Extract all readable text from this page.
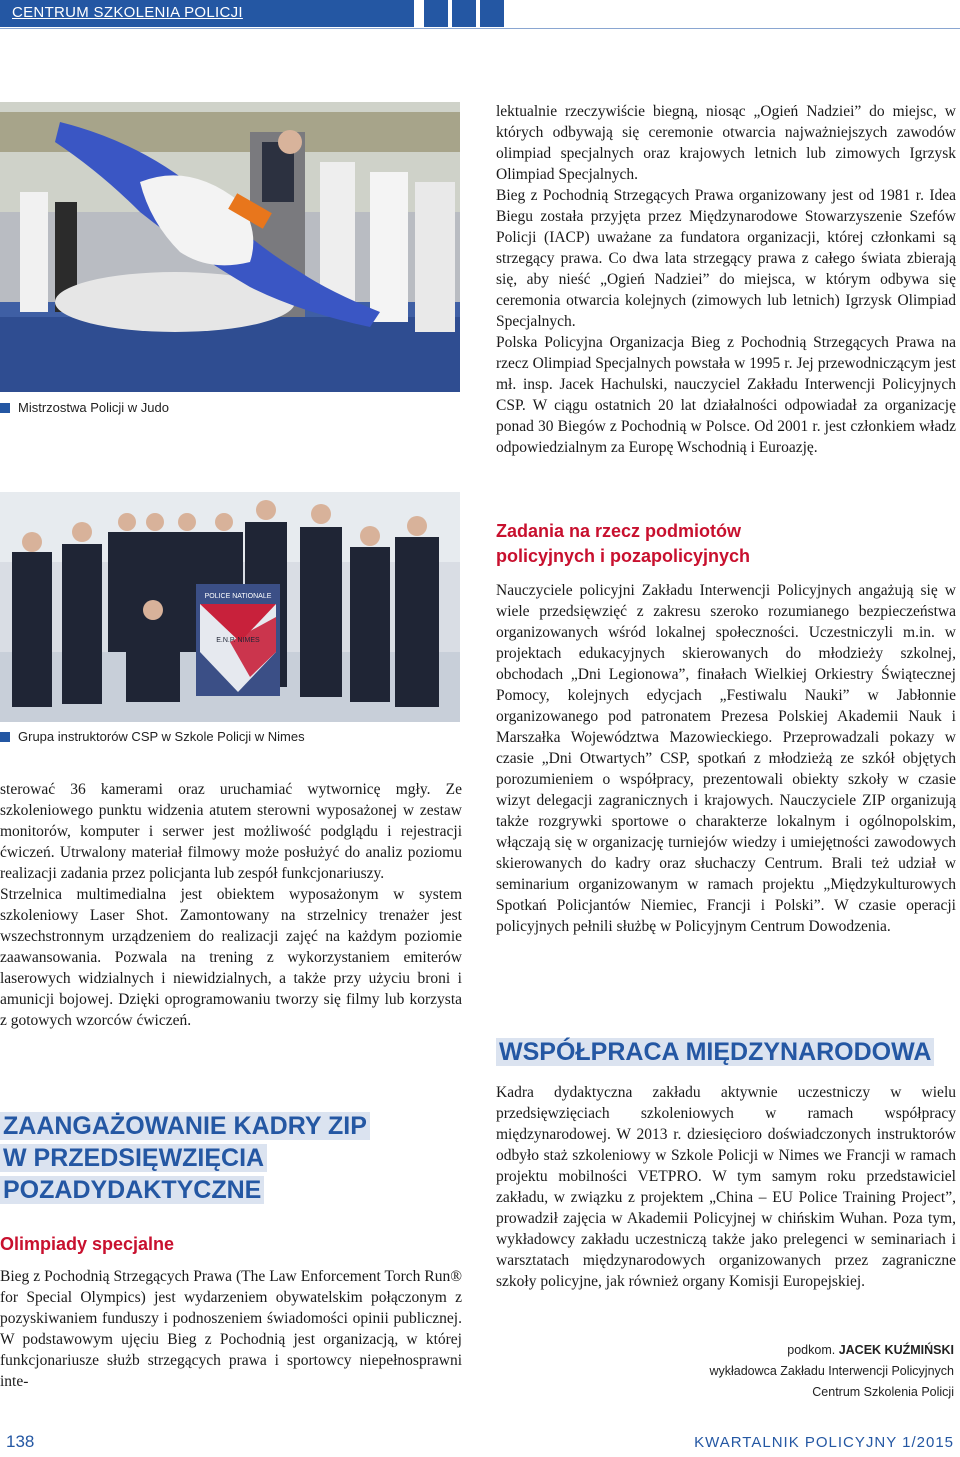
CENTRUM SZKOLENIA POLICJI
Mistrzostwa Policji w Judo
POLICE NATIONALE
E.N.P. NIMES
Grupa instruktorów CSP w Szkole Policji w Nimes

sterować 36 kamerami oraz uruchamiać wytwornicę mgły. Ze szkoleniowego punktu widzenia atutem sterowni wyposażonej w zestaw monitorów, komputer i serwer jest możliwość podglądu i rejestracji ćwiczeń. Utrwalony materiał filmowy może posłużyć do analiz poziomu realizacji zadania przez policjanta lub zespół funkcjonariuszy.

Strzelnica multimedialna jest obiektem wyposażonym w system szkoleniowy Laser Shot. Zamontowany na strzelnicy trenażer jest wszechstronnym urządzeniem do realizacji zajęć na każdym poziomie zaawansowania. Pozwala na trening z wykorzystaniem emiterów laserowych widzialnych i niewidzialnych, a także przy użyciu broni i amunicji bojowej. Dzięki oprogramowaniu tworzy się filmy lub korzysta z gotowych wzorców ćwiczeń.

ZAANGAŻOWANIE KADRY ZIP
W PRZEDSIĘWZIĘCIA
POZADYDAKTYCZNE
Olimpiady specjalne

Bieg z Pochodnią Strzegących Prawa (The Law Enforcement Torch Run® for Special Olympics) jest wydarzeniem obywatelskim połączonym z pozyskiwaniem funduszy i podnoszeniem świadomości opinii publicznej. W podstawowym ujęciu Bieg z Pochodnią jest organizacją, w której funkcjonariusze służb strzegących prawa i sportowcy niepełnosprawni inte-

lektualnie rzeczywiście biegną, niosąc „Ogień Nadziei” do miejsc, w których odbywają się ceremonie otwarcia najważniejszych zawodów olimpiad specjalnych oraz krajowych letnich lub zimowych Igrzysk Olimpiad Specjalnych.

Bieg z Pochodnią Strzegących Prawa organizowany jest od 1981 r. Idea Biegu została przyjęta przez Międzynarodowe Stowarzyszenie Szefów Policji (IACP) uważane za fundatora organizacji, której członkami są strzegący prawa. Co dwa lata strzegący prawa z całego świata zbierają się, aby nieść „Ogień Nadziei” do miejsca, w którym odbywa się ceremonia otwarcia kolejnych (zimowych lub letnich) Igrzysk Olimpiad Specjalnych.

Polska Policyjna Organizacja Bieg z Pochodnią Strzegących Prawa na rzecz Olimpiad Specjalnych powstała w 1995 r. Jej przewodniczącym jest mł. insp. Jacek Hachulski, nauczyciel Zakładu Interwencji Policyjnych CSP. W ciągu ostatnich 20 lat działalności odpowiadał za organizację ponad 30 Biegów z Pochodnią w Polsce. Od 2001 r. jest członkiem władz odpowiedzialnym za Europę Wschodnią i Euroazję.

Zadania na rzecz podmiotów
policyjnych i pozapolicyjnych

Nauczyciele policyjni Zakładu Interwencji Policyjnych angażują się w wiele przedsięwzięć z zakresu szeroko rozumianego bezpieczeństwa organizowanych wśród lokalnej społeczności. Uczestniczyli m.in. w projektach edukacyjnych skierowanych do młodzieży szkolnej, obchodach „Dni Legionowa”, finałach Wielkiej Orkiestry Świątecznej Pomocy, kolejnych edycjach „Festiwalu Nauki” w Jabłonnie organizowanego pod patronatem Prezesa Polskiej Akademii Nauk i Marszałka Województwa Mazowieckiego. Przeprowadzali pokazy w czasie „Dni Otwartych” CSP, spotkań z młodzieżą ze szkół objętych porozumieniem o współpracy, prezentowali obiekty szkoły w czasie wizyt delegacji zagranicznych i krajowych. Nauczyciele ZIP organizują także rozgrywki sportowe o charakterze lokalnym i ogólnopolskim, włączają się w organizację turniejów wiedzy i umiejętności zawodowych skierowanych do kadry oraz słuchaczy Centrum. Brali też udział w seminarium organizowanym w ramach projektu „Międzykulturowych Spotkań Policjantów Niemiec, Francji i Polski”. W czasie operacji policyjnych pełnili służbę w Policyjnym Centrum Dowodzenia.

WSPÓŁPRACA MIĘDZYNARODOWA

Kadra dydaktyczna zakładu aktywnie uczestniczy w wielu przedsięwzięciach szkoleniowych w ramach współpracy międzynarodowej. W 2013 r. dziesięcioro doświadczonych instruktorów odbyło staż szkoleniowy w Szkole Policji w Nimes we Francji w ramach projektu mobilności VETPRO. W tym samym roku przedstawiciel zakładu, w związku z projektem „China – EU Police Training Project”, prowadził zajęcia w Akademii Policyjnej w chińskim Wuhan. Poza tym, wykładowcy zakładu uczestniczą także jako prelegenci w seminariach i warsztatach międzynarodowych organizowanych przez zagraniczne szkoły policyjne, jak również organy Komisji Europejskiej.

podkom. JACEK KUŹMIŃSKI
wykładowca Zakładu Interwencji Policyjnych
Centrum Szkolenia Policji
138	KWARTALNIK POLICYJNY 1/2015
